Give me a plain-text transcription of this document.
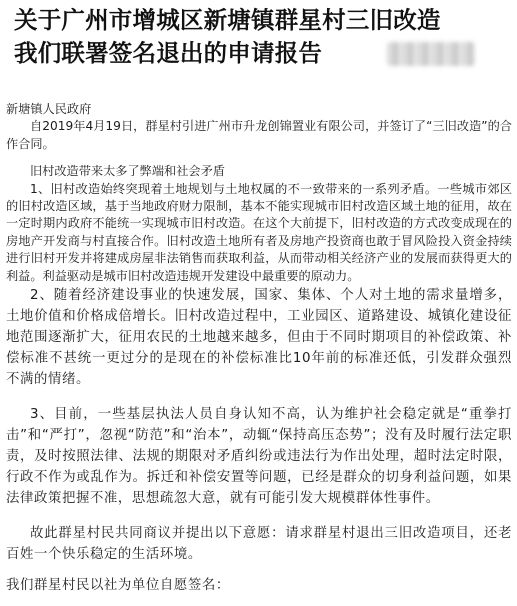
关于广州市增城区新塘镇群星村三旧改造
我们联署签名退出的申请报告

新塘镇人民政府

自2019年4月19日，群星村引进广州市升龙创锦置业有限公司，并签订了“三旧改造”的合作合同。

旧村改造带来太多了弊端和社会矛盾

1、旧村改造始终突现着土地规划与土地权属的不一致带来的一系列矛盾。一些城市郊区的旧村改造区域，基于当地政府财力限制，基本不能实现城市旧村改造区域土地的征用，故在一定时期内政府不能统一实现城市旧村改造。在这个大前提下，旧村改造的方式改变成现在的房地产开发商与村直接合作。旧村改造土地所有者及房地产投资商也敢于冒风险投入资金持续进行旧村开发并将建成房屋非法销售而获取利益，从而带动相关经济产业的发展而获得更大的利益。利益驱动是城市旧村改造违规开发建设中最重要的原动力。

2、随着经济建设事业的快速发展，国家、集体、个人对土地的需求量增多，土地价值和价格成倍增长。旧村改造过程中，工业园区、道路建设、城镇化建设征地范围逐渐扩大，征用农民的土地越来越多，但由于不同时期项目的补偿政策、补偿标准不甚统一更过分的是现在的补偿标准比10年前的标准还低，引发群众强烈不满的情绪。

3、目前，一些基层执法人员自身认知不高，认为维护社会稳定就是“重拳打击”和“严打”，忽视“防范”和“治本”，动辄“保持高压态势”；没有及时履行法定职责，及时按照法律、法规的期限对矛盾纠纷或违法行为作出处理，超时法定时限，行政不作为或乱作为。拆迁和补偿安置等问题，已经是群众的切身利益问题，如果法律政策把握不准，思想疏忽大意，就有可能引发大规模群体性事件。

故此群星村民共同商议并提出以下意愿：请求群星村退出三旧改造项目，还老百姓一个快乐稳定的生活环境。

我们群星村民以社为单位自愿签名：
